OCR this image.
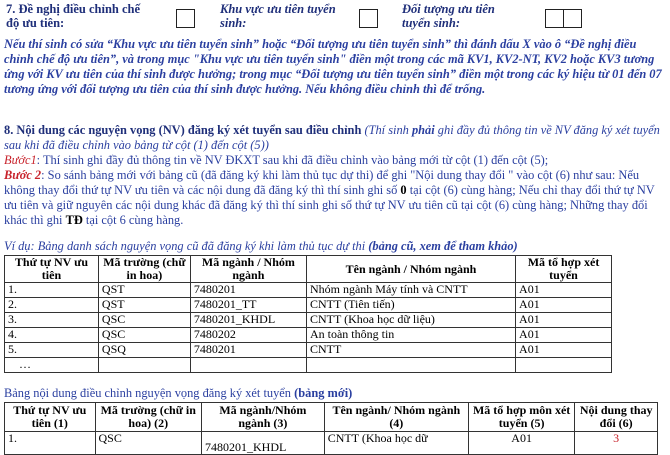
7. Đề nghị điều chỉnh chế độ ưu tiên:
Khu vực ưu tiên tuyển sinh:
Đối tượng ưu tiên tuyển sinh:
Nếu thí sinh có sửa “Khu vực ưu tiên tuyển sinh” hoặc “Đối tượng ưu tiên tuyển sinh” thì đánh dấu X vào ô “Đề nghị điều chỉnh chế độ ưu tiên”, và trong mục "Khu vực ưu tiên tuyển sinh" điền một trong các mã KV1, KV2-NT, KV2 hoặc KV3 tương ứng với KV ưu tiên của thí sinh được hưởng; trong mục “Đối tượng ưu tiên tuyển sinh” điền một trong các ký hiệu từ 01 đến 07 tương ứng với đối tượng ưu tiên của thí sinh được hưởng. Nếu không điều chỉnh thì để trống.
8. Nội dung các nguyện vọng (NV) đăng ký xét tuyển sau điều chỉnh (Thí sinh phải ghi đầy đủ thông tin về NV đăng ký xét tuyển sau khi đã điều chỉnh vào bảng từ cột (1) đến cột (5))
Bước1: Thí sinh ghi đầy đủ thông tin về NV ĐKXT sau khi đã điều chỉnh vào bảng mới từ cột (1) đến cột (5);
Bước 2: So sánh bảng mới với bảng cũ (đã đăng ký khi làm thủ tục dự thi) để ghi "Nội dung thay đổi " vào cột (6) như sau: Nếu không thay đổi thứ tự NV ưu tiên và các nội dung đã đăng ký thì thí sinh ghi số 0 tại cột (6) cùng hàng; Nếu chỉ thay đổi thứ tự NV ưu tiên và giữ nguyên các nội dung khác đã đăng ký thì thí sinh ghi số thứ tự NV ưu tiên cũ tại cột (6) cùng hàng; Những thay đổi khác thì ghi TĐ tại cột 6 cùng hàng.
Ví dụ: Bảng danh sách nguyện vọng cũ đã đăng ký khi làm thủ tục dự thi (bảng cũ, xem để tham khảo)
Thứ tự NV ưu tiên	Mã trường (chữ in hoa)	Mã ngành / Nhóm ngành	Tên ngành / Nhóm ngành	Mã tổ hợp xét tuyển
1.	QST	7480201	Nhóm ngành Máy tính và CNTT	A01
2.	QST	7480201_TT	CNTT (Tiên tiến)	A01
3.	QSC	7480201_KHDL	CNTT (Khoa học dữ liệu)	A01
4.	QSC	7480202	An toàn thông tin	A01
5.	QSQ	7480201	CNTT	A01
…				
Bảng nội dung điều chỉnh nguyện vọng đăng ký xét tuyển (bảng mới)
Thứ tự NV ưu tiên (1)	Mã trường (chữ in hoa) (2)	Mã ngành/Nhóm ngành (3)	Tên ngành/ Nhóm ngành (4)	Mã tổ hợp môn xét tuyển (5)	Nội dung thay đổi (6)
1.	QSC	7480201_KHDL	CNTT (Khoa học dữ	A01	3
